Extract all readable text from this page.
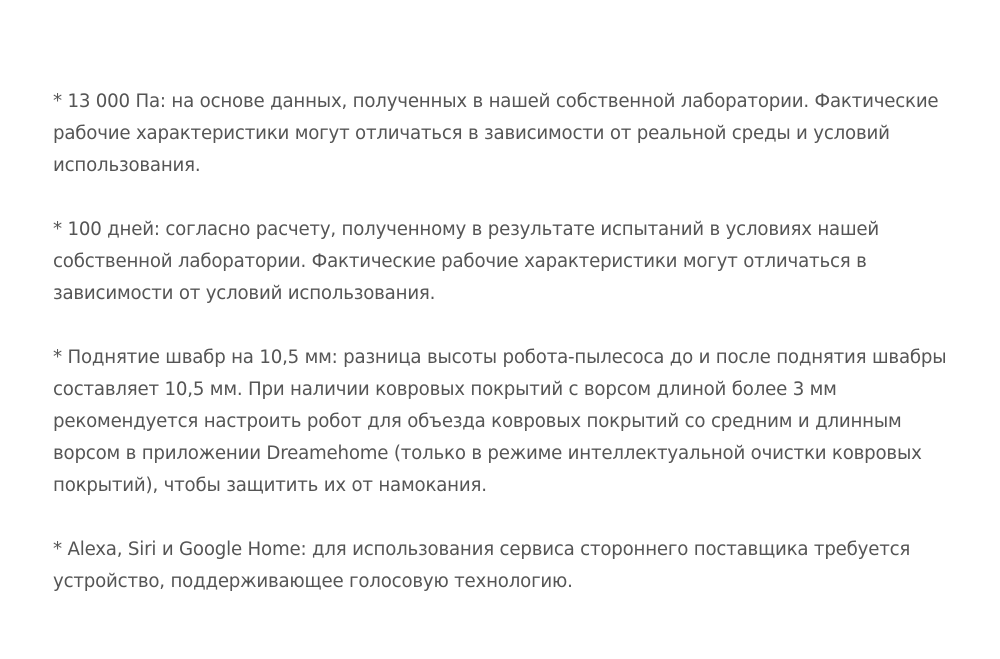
* 13 000 Па: на основе данных, полученных в нашей собственной лаборатории. Фактические
рабочие характеристики могут отличаться в зависимости от реальной среды и условий
использования.

* 100 дней: согласно расчету, полученному в результате испытаний в условиях нашей
собственной лаборатории. Фактические рабочие характеристики могут отличаться в
зависимости от условий использования.

* Поднятие швабр на 10,5 мм: разница высоты робота-пылесоса до и после поднятия швабры
составляет 10,5 мм. При наличии ковровых покрытий с ворсом длиной более 3 мм
рекомендуется настроить робот для объезда ковровых покрытий со средним и длинным
ворсом в приложении Dreamehome (только в режиме интеллектуальной очистки ковровых
покрытий), чтобы защитить их от намокания.

* Alexa, Siri и Google Home: для использования сервиса стороннего поставщика требуется
устройство, поддерживающее голосовую технологию.
